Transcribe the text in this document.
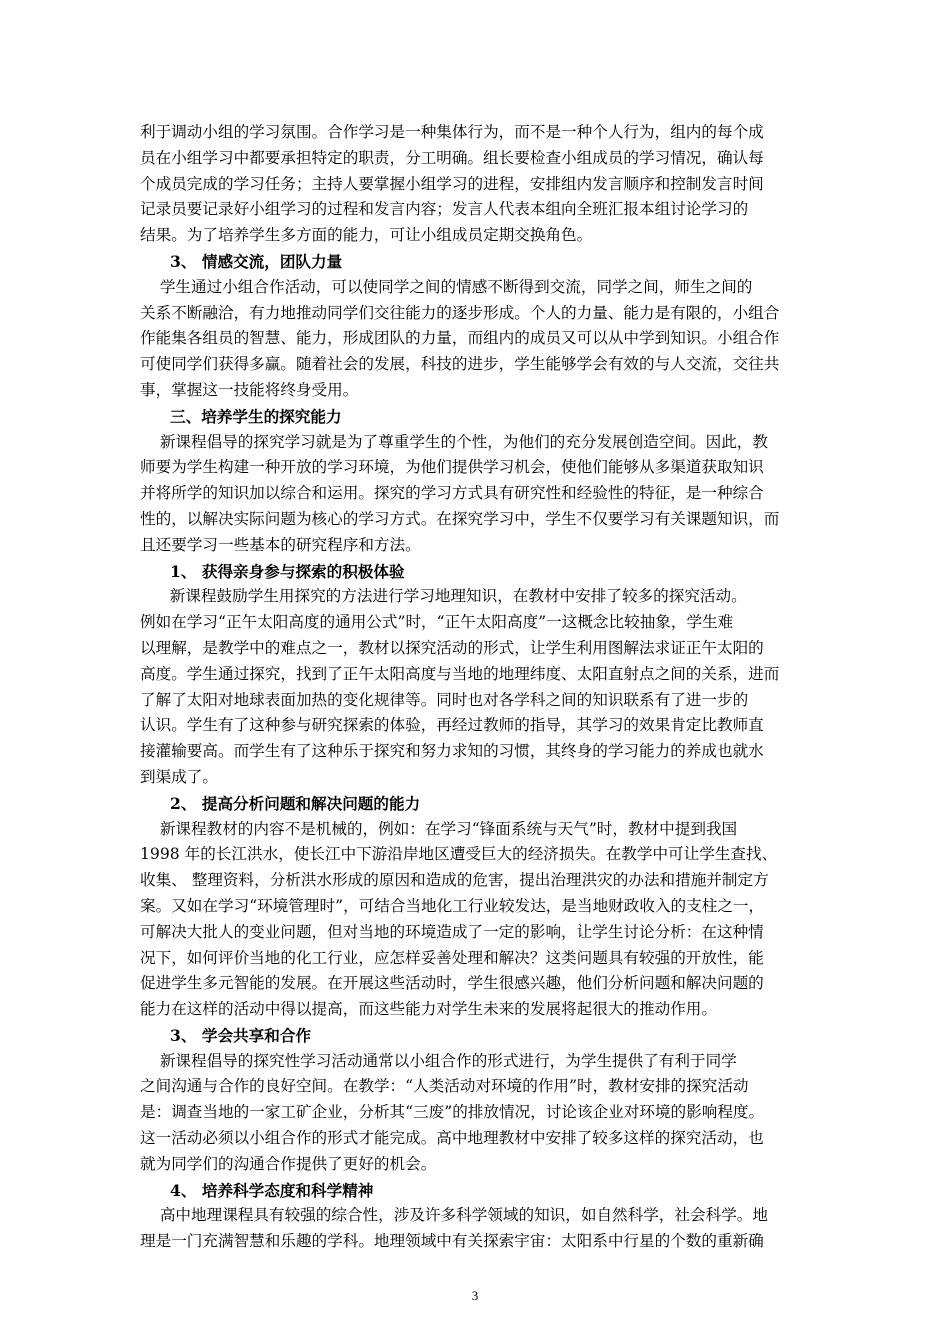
利于调动小组的学习氛围。合作学习是一种集体行为，而不是一种个人行为，组内的每个成
员在小组学习中都要承担特定的职责，分工明确。组长要检查小组成员的学习情况，确认每
个成员完成的学习任务；主持人要掌握小组学习的进程，安排组内发言顺序和控制发言时间
记录员要记录好小组学习的过程和发言内容；发言人代表本组向全班汇报本组讨论学习的
结果。为了培养学生多方面的能力，可让小组成员定期交换角色。

3、 情感交流，团队力量

学生通过小组合作活动，可以使同学之间的情感不断得到交流，同学之间，师生之间的
关系不断融洽，有力地推动同学们交往能力的逐步形成。个人的力量、能力是有限的，小组合
作能集各组员的智慧、能力，形成团队的力量，而组内的成员又可以从中学到知识。小组合作
可使同学们获得多赢。随着社会的发展，科技的进步，学生能够学会有效的与人交流，交往共
事，掌握这一技能将终身受用。

三、培养学生的探究能力

新课程倡导的探究学习就是为了尊重学生的个性，为他们的充分发展创造空间。因此，教
师要为学生构建一种开放的学习环境，为他们提供学习机会，使他们能够从多渠道获取知识
并将所学的知识加以综合和运用。探究的学习方式具有研究性和经验性的特征，是一种综合
性的，以解决实际问题为核心的学习方式。在探究学习中，学生不仅要学习有关课题知识，而
且还要学习一些基本的研究程序和方法。

1、 获得亲身参与探索的积极体验

新课程鼓励学生用探究的方法进行学习地理知识，在教材中安排了较多的探究活动。
例如在学习“正午太阳高度的通用公式”时，“正午太阳高度”一这概念比较抽象，学生难
以理解，是教学中的难点之一，教材以探究活动的形式，让学生利用图解法求证正午太阳的
高度。学生通过探究，找到了正午太阳高度与当地的地理纬度、太阳直射点之间的关系，进而
了解了太阳对地球表面加热的变化规律等。同时也对各学科之间的知识联系有了进一步的
认识。学生有了这种参与研究探索的体验，再经过教师的指导，其学习的效果肯定比教师直
接灌输要高。而学生有了这种乐于探究和努力求知的习惯，其终身的学习能力的养成也就水
到渠成了。

2、 提高分析问题和解决问题的能力

新课程教材的内容不是机械的，例如：在学习“锋面系统与天气”时，教材中提到我国
1998 年的长江洪水，使长江中下游沿岸地区遭受巨大的经济损失。在教学中可让学生查找、
收集、 整理资料，分析洪水形成的原因和造成的危害，提出治理洪灾的办法和措施并制定方
案。又如在学习“环境管理时”，可结合当地化工行业较发达，是当地财政收入的支柱之一，
可解决大批人的变业问题，但对当地的环境造成了一定的影响，让学生讨论分析：在这种情
况下，如何评价当地的化工行业，应怎样妥善处理和解决？这类问题具有较强的开放性，能
促进学生多元智能的发展。在开展这些活动时，学生很感兴趣，他们分析问题和解决问题的
能力在这样的活动中得以提高，而这些能力对学生未来的发展将起很大的推动作用。

3、 学会共享和合作

新课程倡导的探究性学习活动通常以小组合作的形式进行，为学生提供了有利于同学
之间沟通与合作的良好空间。在教学：“人类活动对环境的作用”时，教材安排的探究活动
是：调查当地的一家工矿企业，分析其“三废”的排放情况，讨论该企业对环境的影响程度。
这一活动必须以小组合作的形式才能完成。高中地理教材中安排了较多这样的探究活动，也
就为同学们的沟通合作提供了更好的机会。

4、 培养科学态度和科学精神

高中地理课程具有较强的综合性，涉及许多科学领域的知识，如自然科学，社会科学。地
理是一门充满智慧和乐趣的学科。地理领域中有关探索宇宙：太阳系中行星的个数的重新确
3
